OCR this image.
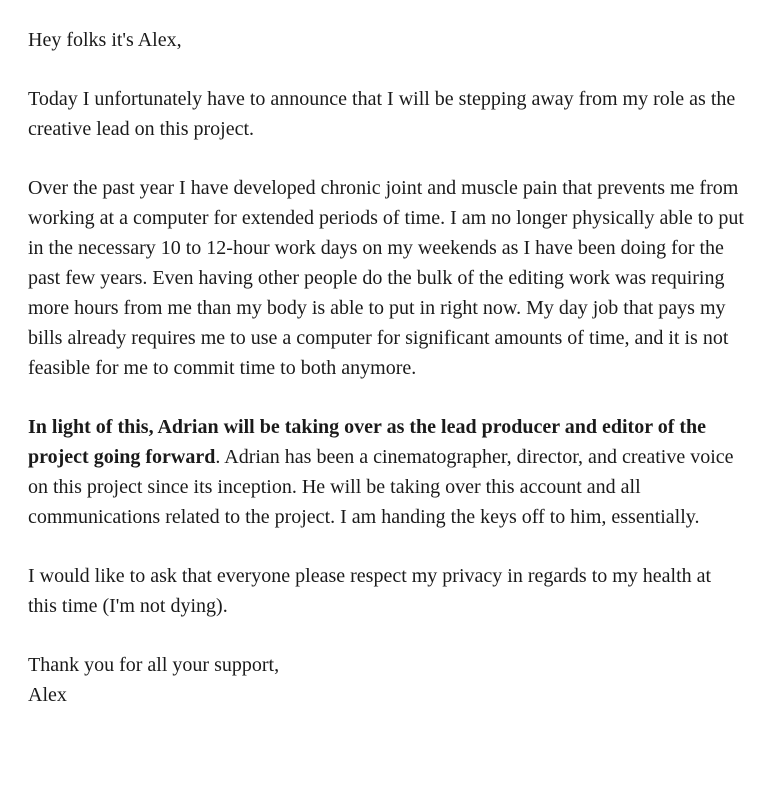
Hey folks it's Alex,

Today I unfortunately have to announce that I will be stepping away from my role as the creative lead on this project.

Over the past year I have developed chronic joint and muscle pain that prevents me from working at a computer for extended periods of time. I am no longer physically able to put in the necessary 10 to 12-hour work days on my weekends as I have been doing for the past few years. Even having other people do the bulk of the editing work was requiring more hours from me than my body is able to put in right now. My day job that pays my bills already requires me to use a computer for significant amounts of time, and it is not feasible for me to commit time to both anymore.

In light of this, Adrian will be taking over as the lead producer and editor of the project going forward. Adrian has been a cinematographer, director, and creative voice on this project since its inception. He will be taking over this account and all communications related to the project. I am handing the keys off to him, essentially.

I would like to ask that everyone please respect my privacy in regards to my health at this time (I'm not dying).

Thank you for all your support,
Alex
